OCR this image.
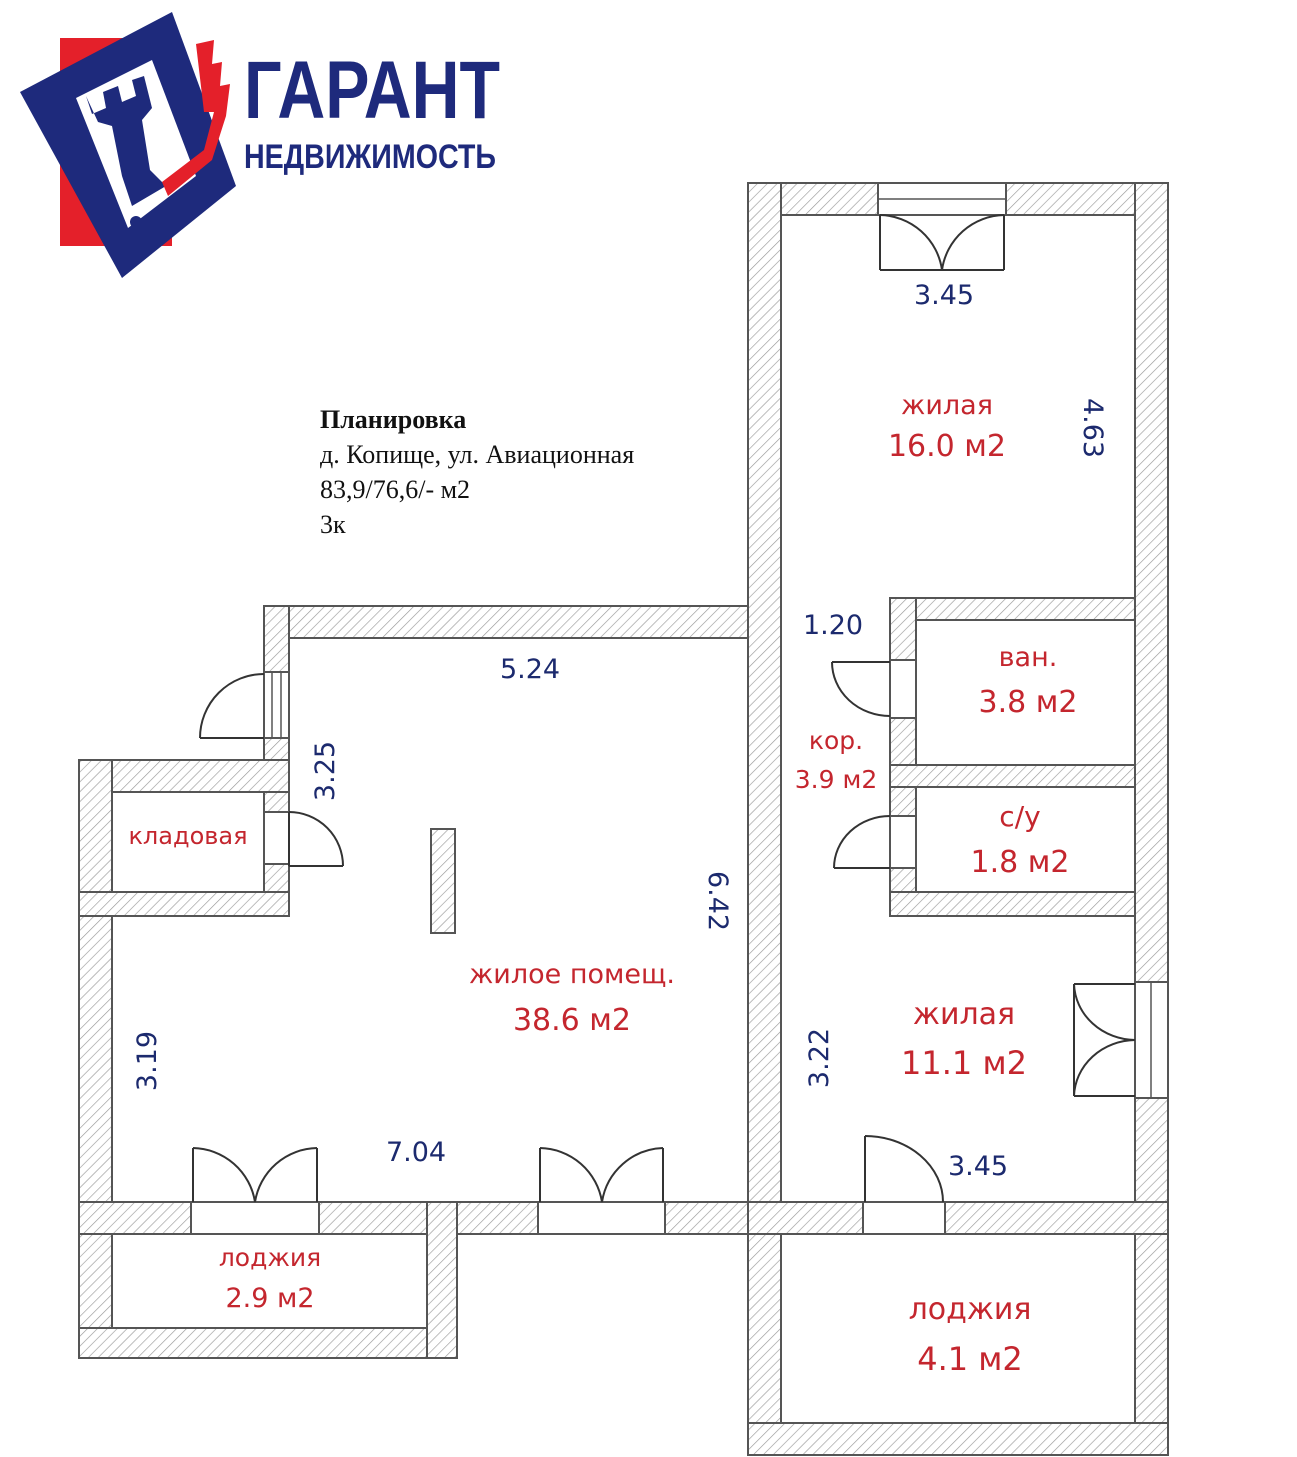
ГАРАНТ
НЕДВИЖИМОСТЬ
жилая
16.0 м2
ван.
3.8 м2
кор.
3.9 м2
с/у
1.8 м2
кладовая
жилое помещ.
38.6 м2	жилая
11.1 м2
лоджия
2.9 м2	лоджия
4.1 м2
3.45
4.63
1.20
5.24
3.25
6.42
3.19
7.04
3.22
3.45
Планировка
д. Копище, ул. Авиационная
83,9/76,6/- м2
3к
